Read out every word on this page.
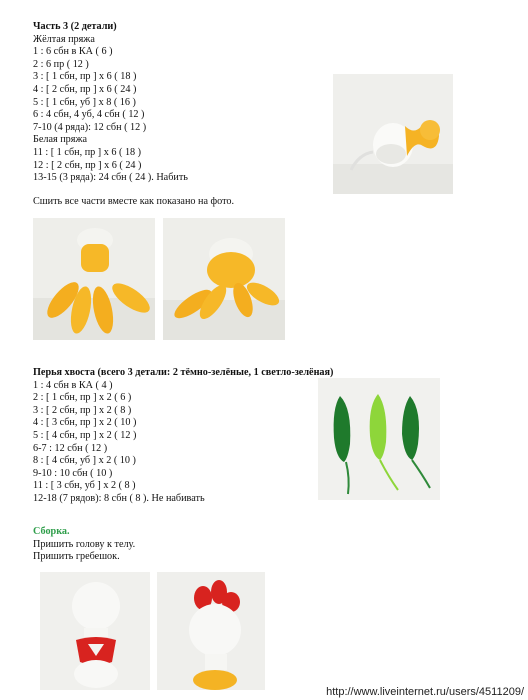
Часть 3 (2 детали)
Жёлтая пряжа
1 : 6 сбн в КА ( 6 )
2 : 6 пр ( 12 )
3 : [ 1 сбн, пр ] x 6 ( 18 )
4 : [ 2 сбн, пр ] x 6 ( 24 )
5 : [ 1 сбн, уб ] x 8 ( 16 )
6 : 4 сбн, 4 уб, 4 сбн ( 12 )
7-10 (4 ряда): 12 сбн ( 12 )
Белая пряжа
11 : [ 1 сбн, пр ] x 6 ( 18 )
12 : [ 2 сбн, пр ] x 6 ( 24 )
13-15 (3 ряда): 24 сбн ( 24 ). Набить
Сшить все части вместе как показано на фото.
Перья хвоста (всего 3 детали: 2 тёмно-зелёные, 1 светло-зелёная)
1 : 4 сбн в КА ( 4 )
2 : [ 1 сбн, пр ] x 2 ( 6 )
3 : [ 2 сбн, пр ] x 2 ( 8 )
4 : [ 3 сбн, пр ] x 2 ( 10 )
5 : [ 4 сбн, пр ] x 2 ( 12 )
6-7 : 12 сбн ( 12 )
8 : [ 4 сбн, уб ] x 2 ( 10 )
9-10 : 10 сбн ( 10 )
11 : [ 3 сбн, уб ] x 2 ( 8 )
12-18 (7 рядов): 8 сбн ( 8 ). Не набивать
Сборка.
Пришить голову к телу.
Пришить гребешок.
http://www.liveinternet.ru/users/4511209/
